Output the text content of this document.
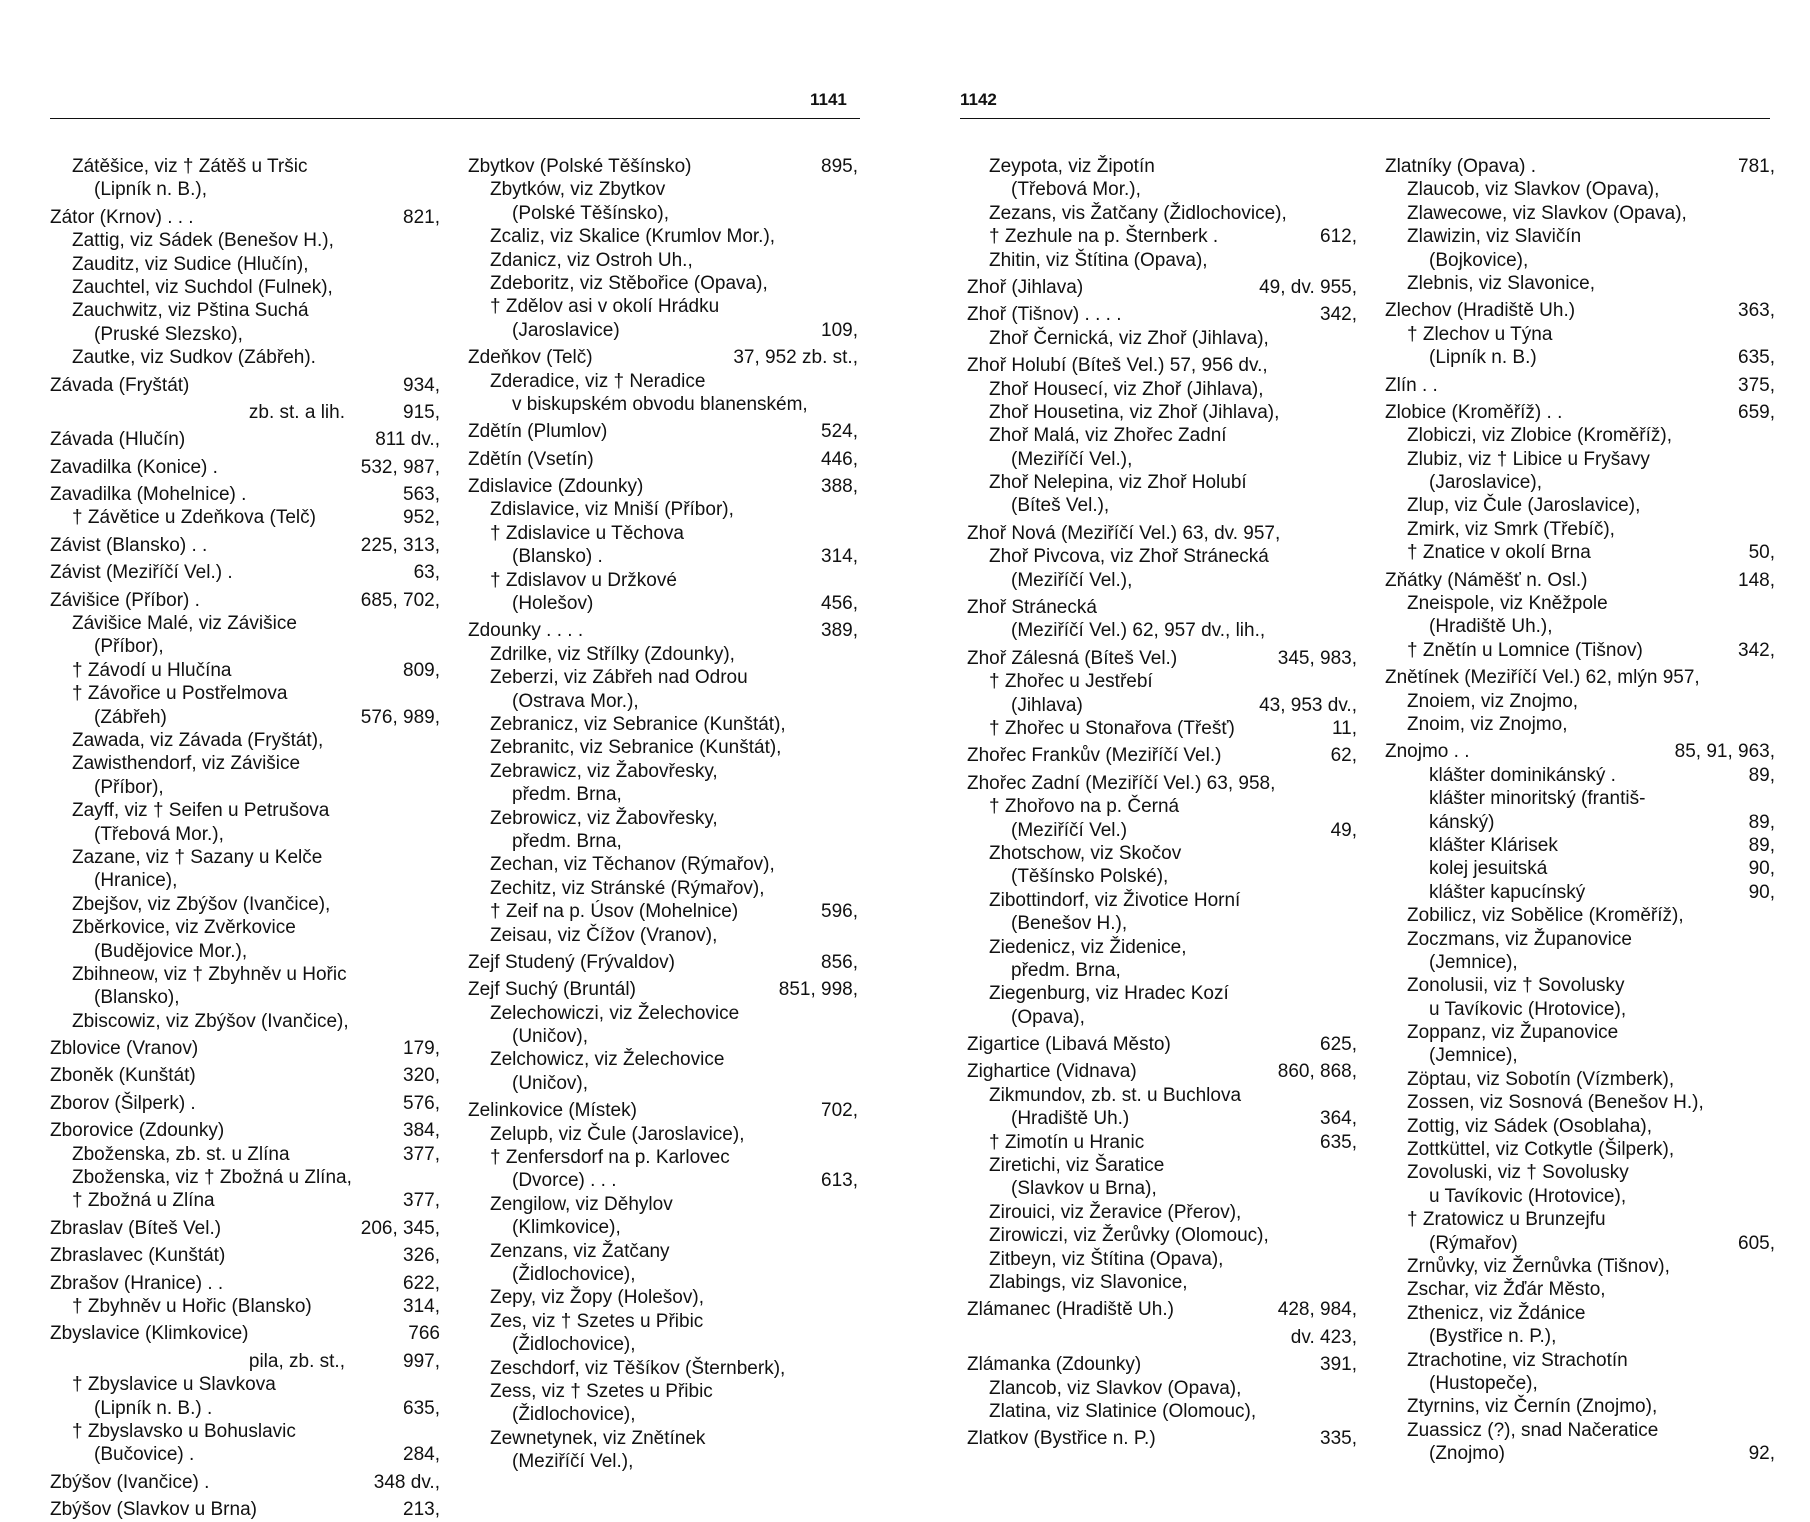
1141
Zátěšice, viz † Zátěš u Tršic
(Lipník n. B.),
Zátor (Krnov) . . .	821,
Zattig, viz Sádek (Benešov H.),
Zauditz, viz Sudice (Hlučín),
Zauchtel, viz Suchdol (Fulnek),
Zauchwitz, viz Pština Suchá
(Pruské Slezsko),
Zautke, viz Sudkov (Zábřeh).
Závada (Fryštát)	934,
zb. st. a lih.	915,
Závada (Hlučín)	811 dv.,
Zavadilka (Konice) .	532, 987,
Zavadilka (Mohelnice) .	563,
† Závětice u Zdeňkova (Telč)	952,
Závist (Blansko) . .	225, 313,
Závist (Meziříčí Vel.) .	63,
Závišice (Příbor) .	685, 702,
Závišice Malé, viz Závišice
(Příbor),
† Závodí u Hlučína	809,
† Závořice u Postřelmova
(Zábřeh)	576, 989,
Zawada, viz Závada (Fryštát),
Zawisthendorf, viz Závišice
(Příbor),
Zayff, viz † Seifen u Petrušova
(Třebová Mor.),
Zazane, viz † Sazany u Kelče
(Hranice),
Zbejšov, viz Zbýšov (Ivančice),
Zběrkovice, viz Zvěrkovice
(Budějovice Mor.),
Zbihneow, viz † Zbyhněv u Hořic
(Blansko),
Zbiscowiz, viz Zbýšov (Ivančice),
Zblovice (Vranov)	179,
Zboněk (Kunštát)	320,
Zborov (Šilperk) .	576,
Zborovice (Zdounky)	384,
Zboženska, zb. st. u Zlína	377,
Zboženska, viz † Zbožná u Zlína,
† Zbožná u Zlína	377,
Zbraslav (Bíteš Vel.)	206, 345,
Zbraslavec (Kunštát)	326,
Zbrašov (Hranice) . .	622,
† Zbyhněv u Hořic (Blansko)	314,
Zbyslavice (Klimkovice)	766
pila, zb. st.,	997,
† Zbyslavice u Slavkova
(Lipník n. B.) .	635,
† Zbyslavsko u Bohuslavic
(Bučovice) .	284,
Zbýšov (Ivančice) .	348 dv.,
Zbýšov (Slavkov u Brna)	213,
Zbytkov (Polské Těšínsko)	895,
Zbytków, viz Zbytkov
(Polské Těšínsko),
Zcaliz, viz Skalice (Krumlov Mor.),
Zdanicz, viz Ostroh Uh.,
Zdeboritz, viz Stěbořice (Opava),
† Zdělov asi v okolí Hrádku
(Jaroslavice)	109,
Zdeňkov (Telč)	37, 952 zb. st.,
Zderadice, viz † Neradice
v biskupském obvodu blanenském,
Zdětín (Plumlov)	524,
Zdětín (Vsetín)	446,
Zdislavice (Zdounky)	388,
Zdislavice, viz Mniší (Příbor),
† Zdislavice u Těchova
(Blansko) .	314,
† Zdislavov u Držkové
(Holešov)	456,
Zdounky . . . .	389,
Zdrilke, viz Střílky (Zdounky),
Zeberzi, viz Zábřeh nad Odrou
(Ostrava Mor.),
Zebranicz, viz Sebranice (Kunštát),
Zebranitc, viz Sebranice (Kunštát),
Zebrawicz, viz Žabovřesky,
předm. Brna,
Zebrowicz, viz Žabovřesky,
předm. Brna,
Zechan, viz Těchanov (Rýmařov),
Zechitz, viz Stránské (Rýmařov),
† Zeif na p. Úsov (Mohelnice)	596,
Zeisau, viz Čížov (Vranov),
Zejf Studený (Frývaldov)	856,
Zejf Suchý (Bruntál)	851, 998,
Zelechowiczi, viz Želechovice
(Uničov),
Zelchowicz, viz Želechovice
(Uničov),
Zelinkovice (Místek)	702,
Zelupb, viz Čule (Jaroslavice),
† Zenfersdorf na p. Karlovec
(Dvorce) . . .	613,
Zengilow, viz Děhylov
(Klimkovice),
Zenzans, viz Žatčany
(Židlochovice),
Zepy, viz Žopy (Holešov),
Zes, viz † Szetes u Přibic
(Židlochovice),
Zeschdorf, viz Těšíkov (Šternberk),
Zess, viz † Szetes u Přibic
(Židlochovice),
Zewnetynek, viz Znětínek
(Meziříčí Vel.),
1142
Zeypota, viz Žipotín
(Třebová Mor.),
Zezans, vis Žatčany (Židlochovice),
† Zezhule na p. Šternberk .	612,
Zhitin, viz Štítina (Opava),
Zhoř (Jihlava)	49, dv. 955,
Zhoř (Tišnov) . . . .	342,
Zhoř Černická, viz Zhoř (Jihlava),
Zhoř Holubí (Bíteš Vel.) 57, 956 dv.,
Zhoř Housecí, viz Zhoř (Jihlava),
Zhoř Housetina, viz Zhoř (Jihlava),
Zhoř Malá, viz Zhořec Zadní
(Meziříčí Vel.),
Zhoř Nelepina, viz Zhoř Holubí
(Bíteš Vel.),
Zhoř Nová (Meziříčí Vel.) 63, dv. 957,
Zhoř Pivcova, viz Zhoř Stránecká
(Meziříčí Vel.),
Zhoř Stránecká
(Meziříčí Vel.) 62, 957 dv., lih.,
Zhoř Zálesná (Bíteš Vel.)	345, 983,
† Zhořec u Jestřebí
(Jihlava)	43, 953 dv.,
† Zhořec u Stonařova (Třešť)	11,
Zhořec Frankův (Meziříčí Vel.)	62,
Zhořec Zadní (Meziříčí Vel.) 63, 958,
† Zhořovo na p. Černá
(Meziříčí Vel.)	49,
Zhotschow, viz Skočov
(Těšínsko Polské),
Zibottindorf, viz Životice Horní
(Benešov H.),
Ziedenicz, viz Židenice,
předm. Brna,
Ziegenburg, viz Hradec Kozí
(Opava),
Zigartice (Libavá Město)	625,
Zighartice (Vidnava)	860, 868,
Zikmundov, zb. st. u Buchlova
(Hradiště Uh.)	364,
† Zimotín u Hranic	635,
Ziretichi, viz Šaratice
(Slavkov u Brna),
Zirouici, viz Žeravice (Přerov),
Zirowiczi, viz Žerůvky (Olomouc),
Zitbeyn, viz Štítina (Opava),
Zlabings, viz Slavonice,
Zlámanec (Hradiště Uh.)	428, 984,
dv. 423,
Zlámanka (Zdounky)	391,
Zlancob, viz Slavkov (Opava),
Zlatina, viz Slatinice (Olomouc),
Zlatkov (Bystřice n. P.)	335,
Zlatníky (Opava) .	781,
Zlaucob, viz Slavkov (Opava),
Zlawecowe, viz Slavkov (Opava),
Zlawizin, viz Slavičín
(Bojkovice),
Zlebnis, viz Slavonice,
Zlechov (Hradiště Uh.)	363,
† Zlechov u Týna
(Lipník n. B.)	635,
Zlín . .	375,
Zlobice (Kroměříž) . .	659,
Zlobiczi, viz Zlobice (Kroměříž),
Zlubiz, viz † Libice u Fryšavy
(Jaroslavice),
Zlup, viz Čule (Jaroslavice),
Zmirk, viz Smrk (Třebíč),
† Znatice v okolí Brna	50,
Zňátky (Náměšť n. Osl.)	148,
Zneispole, viz Kněžpole
(Hradiště Uh.),
† Znětín u Lomnice (Tišnov)	342,
Znětínek (Meziříčí Vel.) 62, mlýn 957,
Znoiem, viz Znojmo,
Znoim, viz Znojmo,
Znojmo . .	85, 91, 963,
klášter dominikánský .	89,
klášter minoritský (františ-
kánský)	89,
klášter Klárisek	89,
kolej jesuitská	90,
klášter kapucínský	90,
Zobilicz, viz Sobělice (Kroměříž),
Zoczmans, viz Županovice
(Jemnice),
Zonolusii, viz † Sovolusky
u Tavíkovic (Hrotovice),
Zoppanz, viz Županovice
(Jemnice),
Zöptau, viz Sobotín (Vízmberk),
Zossen, viz Sosnová (Benešov H.),
Zottig, viz Sádek (Osoblaha),
Zottküttel, viz Cotkytle (Šilperk),
Zovoluski, viz † Sovolusky
u Tavíkovic (Hrotovice),
† Zratowicz u Brunzejfu
(Rýmařov)	605,
Zrnůvky, viz Žernůvka (Tišnov),
Zschar, viz Žďár Město,
Zthenicz, viz Ždánice
(Bystřice n. P.),
Ztrachotine, viz Strachotín
(Hustopeče),
Ztyrnins, viz Černín (Znojmo),
Zuassicz (?), snad Načeratice
(Znojmo)	92,
